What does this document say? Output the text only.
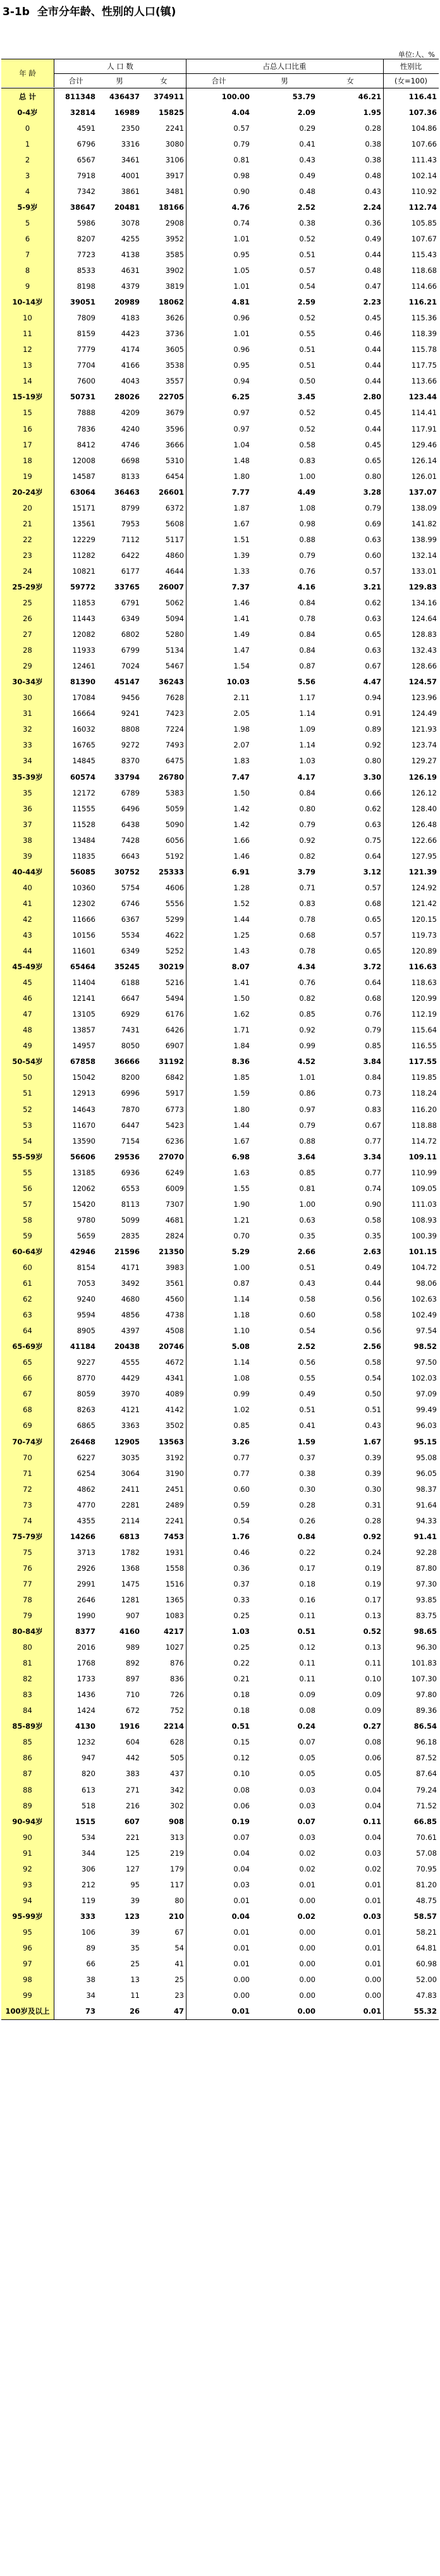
3-1b 全市分年龄、性别的人口(镇)
单位:人、%
年 龄
人 口 数	占总人口比重	性别比
合计	男	女	合计	男	女	(女=100)
总 计	811348	436437	374911	100.00	53.79	46.21	116.41
0-4岁	32814	16989	15825	4.04	2.09	1.95	107.36
0	4591	2350	2241	0.57	0.29	0.28	104.86
1	6796	3316	3080	0.79	0.41	0.38	107.66
2	6567	3461	3106	0.81	0.43	0.38	111.43
3	7918	4001	3917	0.98	0.49	0.48	102.14
4	7342	3861	3481	0.90	0.48	0.43	110.92
5-9岁	38647	20481	18166	4.76	2.52	2.24	112.74
5	5986	3078	2908	0.74	0.38	0.36	105.85
6	8207	4255	3952	1.01	0.52	0.49	107.67
7	7723	4138	3585	0.95	0.51	0.44	115.43
8	8533	4631	3902	1.05	0.57	0.48	118.68
9	8198	4379	3819	1.01	0.54	0.47	114.66
10-14岁	39051	20989	18062	4.81	2.59	2.23	116.21
10	7809	4183	3626	0.96	0.52	0.45	115.36
11	8159	4423	3736	1.01	0.55	0.46	118.39
12	7779	4174	3605	0.96	0.51	0.44	115.78
13	7704	4166	3538	0.95	0.51	0.44	117.75
14	7600	4043	3557	0.94	0.50	0.44	113.66
15-19岁	50731	28026	22705	6.25	3.45	2.80	123.44
15	7888	4209	3679	0.97	0.52	0.45	114.41
16	7836	4240	3596	0.97	0.52	0.44	117.91
17	8412	4746	3666	1.04	0.58	0.45	129.46
18	12008	6698	5310	1.48	0.83	0.65	126.14
19	14587	8133	6454	1.80	1.00	0.80	126.01
20-24岁	63064	36463	26601	7.77	4.49	3.28	137.07
20	15171	8799	6372	1.87	1.08	0.79	138.09
21	13561	7953	5608	1.67	0.98	0.69	141.82
22	12229	7112	5117	1.51	0.88	0.63	138.99
23	11282	6422	4860	1.39	0.79	0.60	132.14
24	10821	6177	4644	1.33	0.76	0.57	133.01
25-29岁	59772	33765	26007	7.37	4.16	3.21	129.83
25	11853	6791	5062	1.46	0.84	0.62	134.16
26	11443	6349	5094	1.41	0.78	0.63	124.64
27	12082	6802	5280	1.49	0.84	0.65	128.83
28	11933	6799	5134	1.47	0.84	0.63	132.43
29	12461	7024	5467	1.54	0.87	0.67	128.66
30-34岁	81390	45147	36243	10.03	5.56	4.47	124.57
30	17084	9456	7628	2.11	1.17	0.94	123.96
31	16664	9241	7423	2.05	1.14	0.91	124.49
32	16032	8808	7224	1.98	1.09	0.89	121.93
33	16765	9272	7493	2.07	1.14	0.92	123.74
34	14845	8370	6475	1.83	1.03	0.80	129.27
35-39岁	60574	33794	26780	7.47	4.17	3.30	126.19
35	12172	6789	5383	1.50	0.84	0.66	126.12
36	11555	6496	5059	1.42	0.80	0.62	128.40
37	11528	6438	5090	1.42	0.79	0.63	126.48
38	13484	7428	6056	1.66	0.92	0.75	122.66
39	11835	6643	5192	1.46	0.82	0.64	127.95
40-44岁	56085	30752	25333	6.91	3.79	3.12	121.39
40	10360	5754	4606	1.28	0.71	0.57	124.92
41	12302	6746	5556	1.52	0.83	0.68	121.42
42	11666	6367	5299	1.44	0.78	0.65	120.15
43	10156	5534	4622	1.25	0.68	0.57	119.73
44	11601	6349	5252	1.43	0.78	0.65	120.89
45-49岁	65464	35245	30219	8.07	4.34	3.72	116.63
45	11404	6188	5216	1.41	0.76	0.64	118.63
46	12141	6647	5494	1.50	0.82	0.68	120.99
47	13105	6929	6176	1.62	0.85	0.76	112.19
48	13857	7431	6426	1.71	0.92	0.79	115.64
49	14957	8050	6907	1.84	0.99	0.85	116.55
50-54岁	67858	36666	31192	8.36	4.52	3.84	117.55
50	15042	8200	6842	1.85	1.01	0.84	119.85
51	12913	6996	5917	1.59	0.86	0.73	118.24
52	14643	7870	6773	1.80	0.97	0.83	116.20
53	11670	6447	5423	1.44	0.79	0.67	118.88
54	13590	7154	6236	1.67	0.88	0.77	114.72
55-59岁	56606	29536	27070	6.98	3.64	3.34	109.11
55	13185	6936	6249	1.63	0.85	0.77	110.99
56	12062	6553	6009	1.55	0.81	0.74	109.05
57	15420	8113	7307	1.90	1.00	0.90	111.03
58	9780	5099	4681	1.21	0.63	0.58	108.93
59	5659	2835	2824	0.70	0.35	0.35	100.39
60-64岁	42946	21596	21350	5.29	2.66	2.63	101.15
60	8154	4171	3983	1.00	0.51	0.49	104.72
61	7053	3492	3561	0.87	0.43	0.44	98.06
62	9240	4680	4560	1.14	0.58	0.56	102.63
63	9594	4856	4738	1.18	0.60	0.58	102.49
64	8905	4397	4508	1.10	0.54	0.56	97.54
65-69岁	41184	20438	20746	5.08	2.52	2.56	98.52
65	9227	4555	4672	1.14	0.56	0.58	97.50
66	8770	4429	4341	1.08	0.55	0.54	102.03
67	8059	3970	4089	0.99	0.49	0.50	97.09
68	8263	4121	4142	1.02	0.51	0.51	99.49
69	6865	3363	3502	0.85	0.41	0.43	96.03
70-74岁	26468	12905	13563	3.26	1.59	1.67	95.15
70	6227	3035	3192	0.77	0.37	0.39	95.08
71	6254	3064	3190	0.77	0.38	0.39	96.05
72	4862	2411	2451	0.60	0.30	0.30	98.37
73	4770	2281	2489	0.59	0.28	0.31	91.64
74	4355	2114	2241	0.54	0.26	0.28	94.33
75-79岁	14266	6813	7453	1.76	0.84	0.92	91.41
75	3713	1782	1931	0.46	0.22	0.24	92.28
76	2926	1368	1558	0.36	0.17	0.19	87.80
77	2991	1475	1516	0.37	0.18	0.19	97.30
78	2646	1281	1365	0.33	0.16	0.17	93.85
79	1990	907	1083	0.25	0.11	0.13	83.75
80-84岁	8377	4160	4217	1.03	0.51	0.52	98.65
80	2016	989	1027	0.25	0.12	0.13	96.30
81	1768	892	876	0.22	0.11	0.11	101.83
82	1733	897	836	0.21	0.11	0.10	107.30
83	1436	710	726	0.18	0.09	0.09	97.80
84	1424	672	752	0.18	0.08	0.09	89.36
85-89岁	4130	1916	2214	0.51	0.24	0.27	86.54
85	1232	604	628	0.15	0.07	0.08	96.18
86	947	442	505	0.12	0.05	0.06	87.52
87	820	383	437	0.10	0.05	0.05	87.64
88	613	271	342	0.08	0.03	0.04	79.24
89	518	216	302	0.06	0.03	0.04	71.52
90-94岁	1515	607	908	0.19	0.07	0.11	66.85
90	534	221	313	0.07	0.03	0.04	70.61
91	344	125	219	0.04	0.02	0.03	57.08
92	306	127	179	0.04	0.02	0.02	70.95
93	212	95	117	0.03	0.01	0.01	81.20
94	119	39	80	0.01	0.00	0.01	48.75
95-99岁	333	123	210	0.04	0.02	0.03	58.57
95	106	39	67	0.01	0.00	0.01	58.21
96	89	35	54	0.01	0.00	0.01	64.81
97	66	25	41	0.01	0.00	0.01	60.98
98	38	13	25	0.00	0.00	0.00	52.00
99	34	11	23	0.00	0.00	0.00	47.83
100岁及以上	73	26	47	0.01	0.00	0.01	55.32
